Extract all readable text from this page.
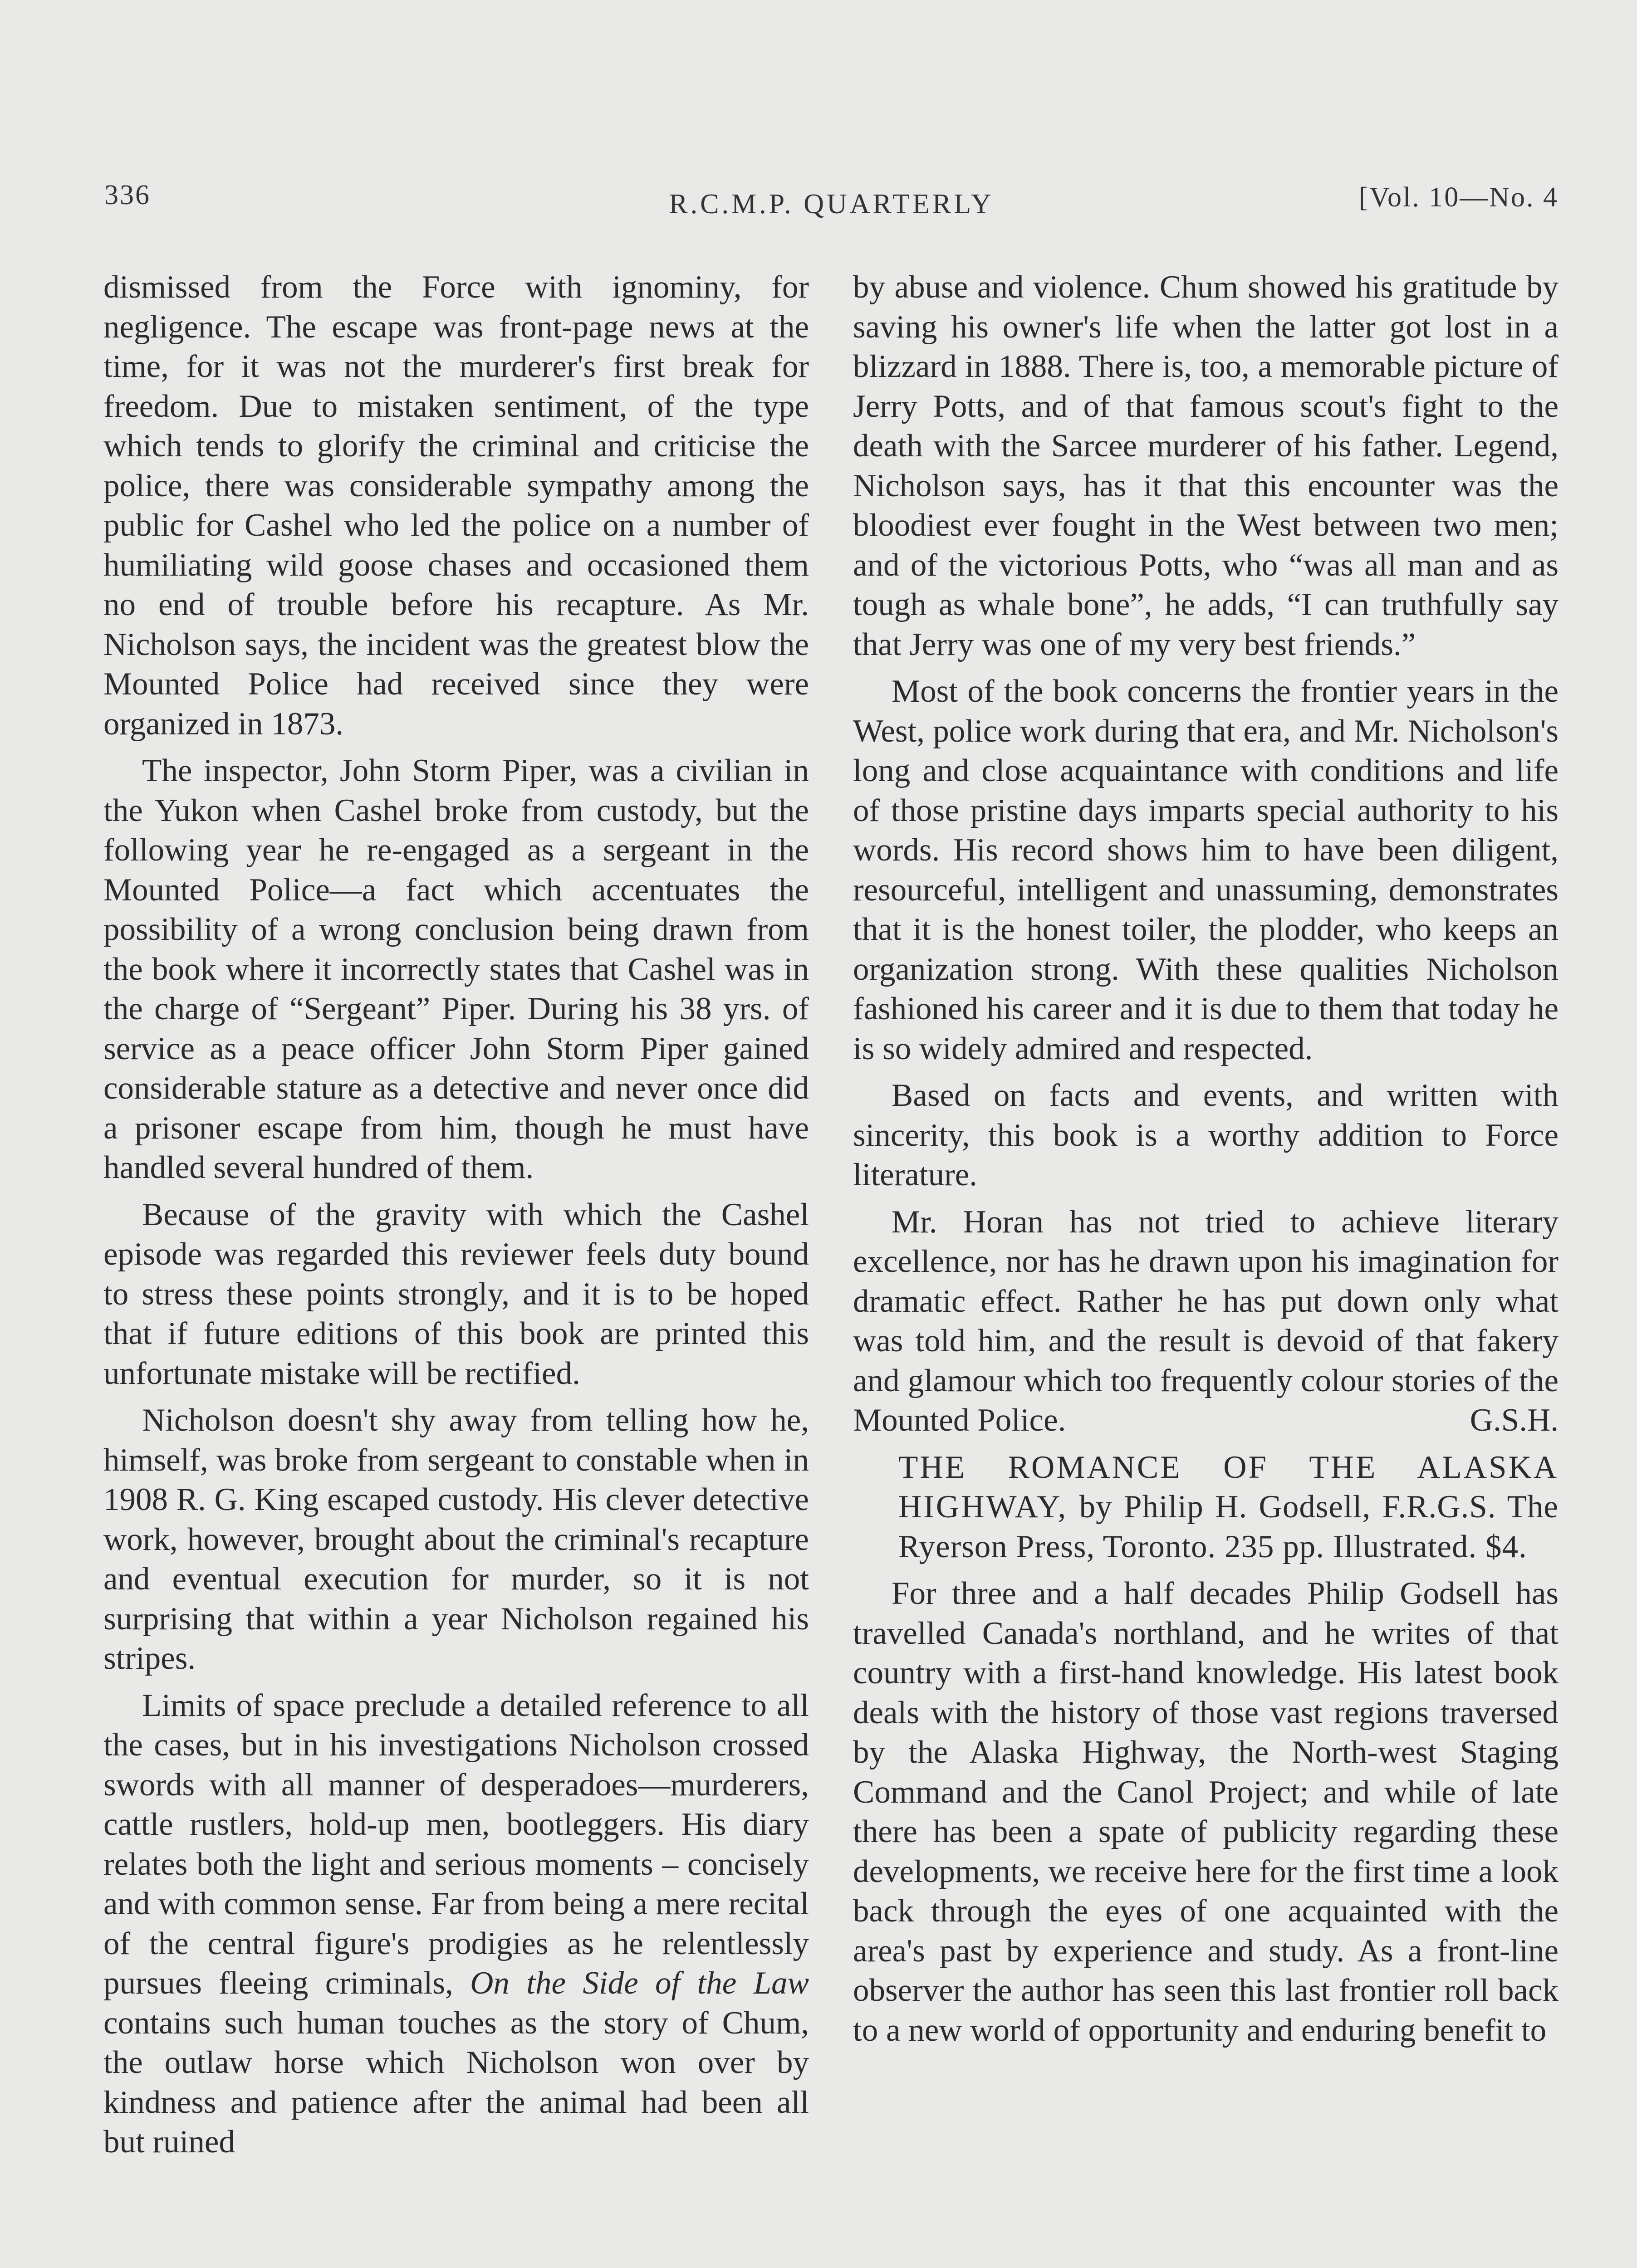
336	R.C.M.P. QUARTERLY	[Vol. 10—No. 4

dismissed from the Force with ignominy, for negligence. The escape was front-page news at the time, for it was not the murderer's first break for freedom. Due to mistaken sentiment, of the type which tends to glorify the criminal and criticise the police, there was considerable sympathy among the public for Cashel who led the police on a number of humiliating wild goose chases and occasioned them no end of trouble before his recapture. As Mr. Nicholson says, the incident was the greatest blow the Mounted Police had received since they were organized in 1873.

The inspector, John Storm Piper, was a civilian in the Yukon when Cashel broke from custody, but the following year he re-engaged as a sergeant in the Mounted Police—a fact which accentuates the possibility of a wrong conclusion being drawn from the book where it incorrectly states that Cashel was in the charge of “Sergeant” Piper. During his 38 yrs. of service as a peace officer John Storm Piper gained considerable stature as a detective and never once did a prisoner escape from him, though he must have handled several hundred of them.

Because of the gravity with which the Cashel episode was regarded this reviewer feels duty bound to stress these points strongly, and it is to be hoped that if future editions of this book are printed this unfortunate mistake will be rectified.

Nicholson doesn't shy away from telling how he, himself, was broke from sergeant to constable when in 1908 R. G. King escaped custody. His clever detective work, however, brought about the criminal's recapture and eventual execution for murder, so it is not surprising that within a year Nicholson regained his stripes.

Limits of space preclude a detailed reference to all the cases, but in his investigations Nicholson crossed swords with all manner of desperadoes—murderers, cattle rustlers, hold-up men, bootleggers. His diary relates both the light and serious moments – concisely and with common sense. Far from being a mere recital of the central figure's prodigies as he relentlessly pursues fleeing criminals, On the Side of the Law contains such human touches as the story of Chum, the outlaw horse which Nicholson won over by kindness and patience after the animal had been all but ruined

by abuse and violence. Chum showed his gratitude by saving his owner's life when the latter got lost in a blizzard in 1888. There is, too, a memorable picture of Jerry Potts, and of that famous scout's fight to the death with the Sarcee murderer of his father. Legend, Nicholson says, has it that this encounter was the bloodiest ever fought in the West between two men; and of the victorious Potts, who “was all man and as tough as whale bone”, he adds, “I can truthfully say that Jerry was one of my very best friends.”

Most of the book concerns the frontier years in the West, police work during that era, and Mr. Nicholson's long and close acquaintance with conditions and life of those pristine days imparts special authority to his words. His record shows him to have been diligent, resourceful, intelligent and unassuming, demonstrates that it is the honest toiler, the plodder, who keeps an organization strong. With these qualities Nicholson fashioned his career and it is due to them that today he is so widely admired and respected.

Based on facts and events, and written with sincerity, this book is a worthy addition to Force literature.

Mr. Horan has not tried to achieve literary excellence, nor has he drawn upon his imagination for dramatic effect. Rather he has put down only what was told him, and the result is devoid of that fakery and glamour which too frequently colour stories of the Mounted Police.	G.S.H.

THE ROMANCE OF THE ALASKA HIGHWAY, by Philip H. Godsell, F.R.G.S. The Ryerson Press, Toronto. 235 pp. Illustrated. $4.

For three and a half decades Philip Godsell has travelled Canada's northland, and he writes of that country with a first-hand knowledge. His latest book deals with the history of those vast regions traversed by the Alaska Highway, the North-west Staging Command and the Canol Project; and while of late there has been a spate of publicity regarding these developments, we receive here for the first time a look back through the eyes of one acquainted with the area's past by experience and study. As a front-line observer the author has seen this last frontier roll back to a new world of opportunity and enduring benefit to
